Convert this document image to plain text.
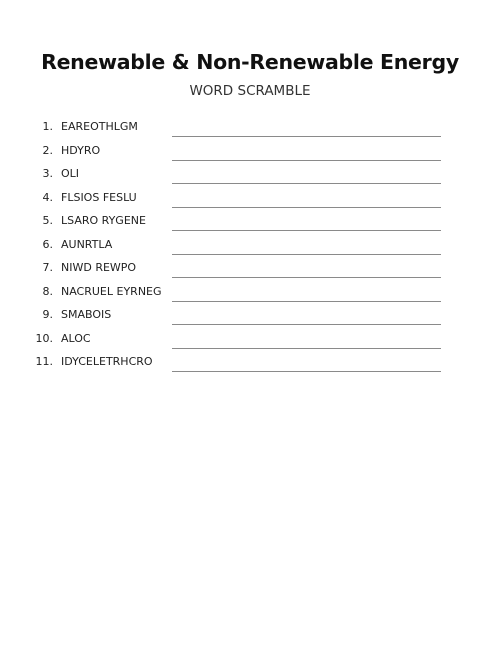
Renewable & Non-Renewable Energy
WORD SCRAMBLE
1. EAREOTHLGM
2. HDYRO
3. OLI
4. FLSIOS FESLU
5. LSARO RYGENE
6. AUNRTLA
7. NIWD REWPO
8. NACRUEL EYRNEG
9. SMABOIS
10. ALOC
11. IDYCELETRHCRO
